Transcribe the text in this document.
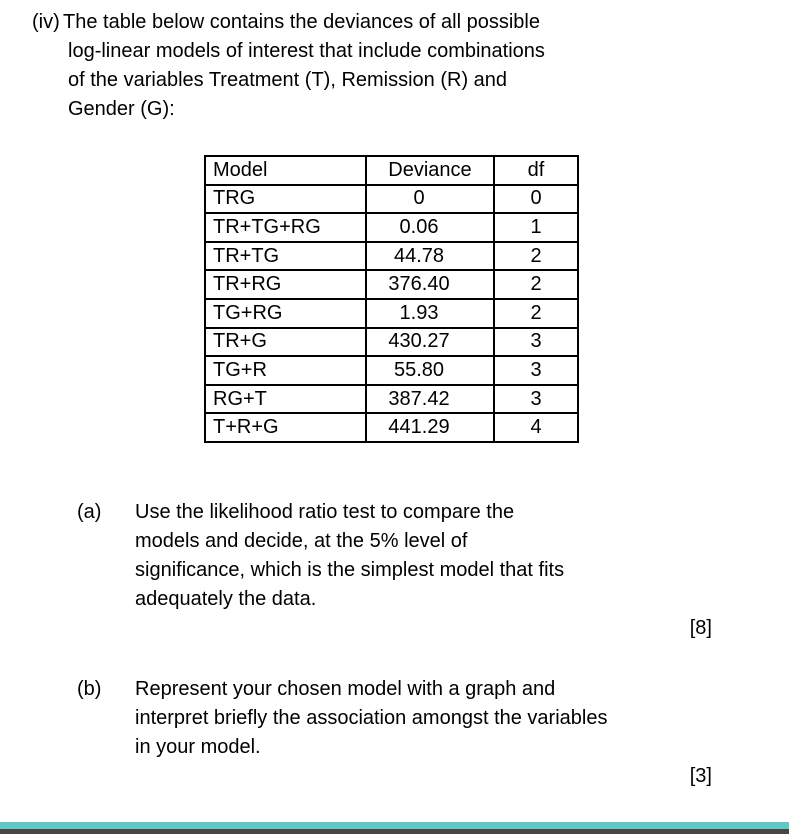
(iv) The table below contains the deviances of all possible
log-linear models of interest that include combinations
of the variables Treatment (T), Remission (R) and
Gender (G):
Model	Deviance	df
TRG	0	0
TR+TG+RG	0.06	1
TR+TG	44.78	2
TR+RG	376.40	2
TG+RG	1.93	2
TR+G	430.27	3
TG+R	55.80	3
RG+T	387.42	3
T+R+G	441.29	4
(a) Use the likelihood ratio test to compare the
models and decide, at the 5% level of
significance, which is the simplest model that fits
adequately the data.
[8]
(b) Represent your chosen model with a graph and
interpret briefly the association amongst the variables
in your model.
[3]
